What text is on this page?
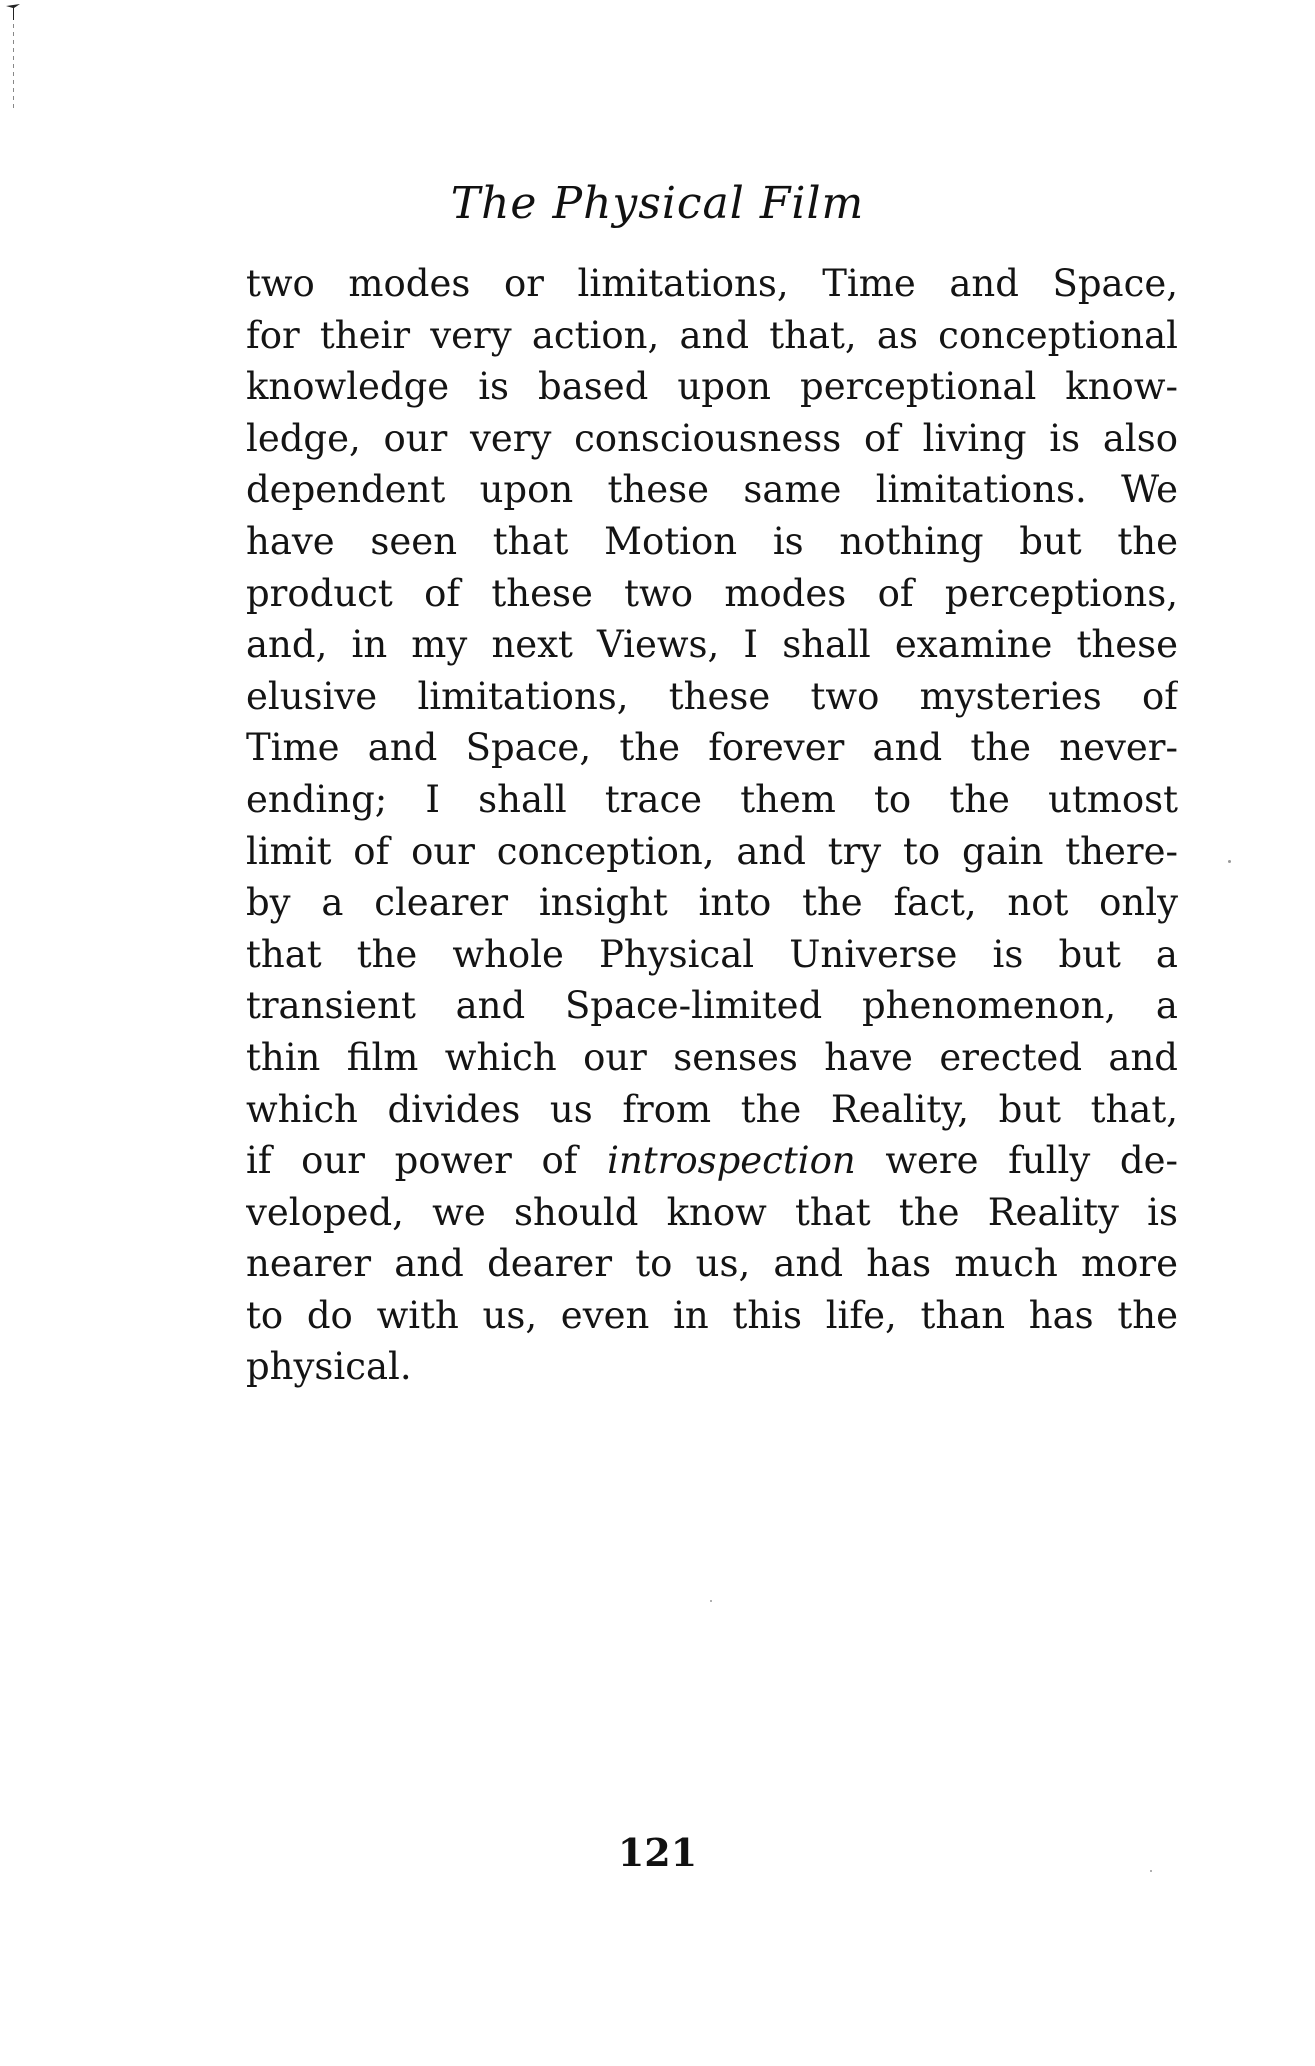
The Physical Film
two modes or limitations, Time and Space,
for their very action, and that, as conceptional
knowledge is based upon perceptional know-
ledge, our very consciousness of living is also
dependent upon these same limitations. We
have seen that Motion is nothing but the
product of these two modes of perceptions,
and, in my next Views, I shall examine these
elusive limitations, these two mysteries of
Time and Space, the forever and the never-
ending; I shall trace them to the utmost
limit of our conception, and try to gain there-
by a clearer insight into the fact, not only
that the whole Physical Universe is but a
transient and Space-limited phenomenon, a
thin film which our senses have erected and
which divides us from the Reality, but that,
if our power of introspection were fully de-
veloped, we should know that the Reality is
nearer and dearer to us, and has much more
to do with us, even in this life, than has the
physical.
121
